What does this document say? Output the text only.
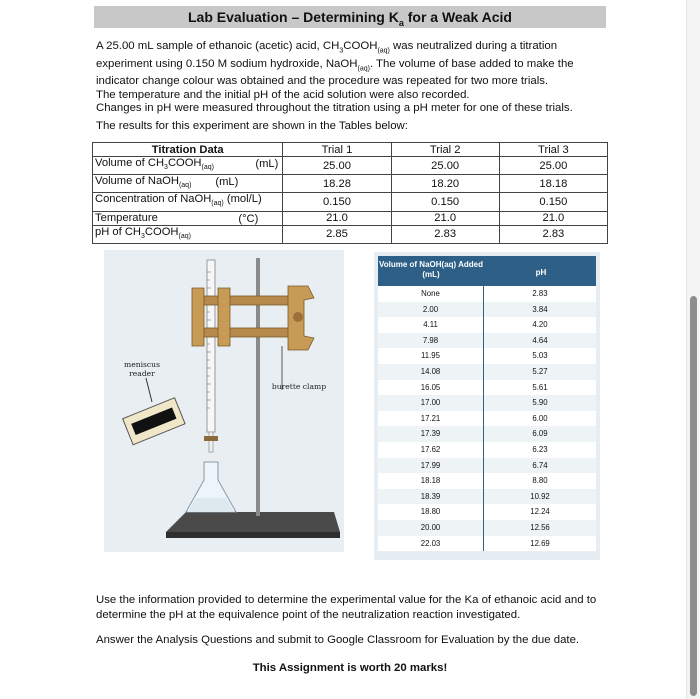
Lab Evaluation – Determining $K_a$ for a Weak Acid

A 25.00 mL sample of ethanoic (acetic) acid, $CH_3COOH_{(aq)}$ was neutralized during a titration

experiment using 0.150 M sodium hydroxide, NaOH$_{(aq)}$. The volume of base added to make the

indicator change colour was obtained and the procedure was repeated for two more trials.

The temperature and the initial pH of the acid solution were also recorded.

Changes in pH were measured throughout the titration using a pH meter for one of these trials.

The results for this experiment are shown in the Tables below:
Titration Data	Trial 1	Trial 2	Trial 3
Volume of $CH_3COOH_{(aq)}$ (mL)	25.00	25.00	25.00
Volume of NaOH$_{(aq)}$ (mL)	18.28	18.20	18.18
Concentration of NaOH$_{(aq)}$ (mol/L)	0.150	0.150	0.150
Temperature (°C)	21.0	21.0	21.0
pH of $CH_3COOH_{(aq)}$	2.85	2.83	2.83
meniscus reader
burette clamp
Volume of NaOH(aq) Added (mL)	pH
None	2.83
2.00	3.84
4.11	4.20
7.98	4.64
11.95	5.03
14.08	5.27
16.05	5.61
17.00	5.90
17.21	6.00
17.39	6.09
17.62	6.23
17.99	6.74
18.18	8.80
18.39	10.92
18.80	12.24
20.00	12.56
22.03	12.69
Use the information provided to determine the experimental value for the Ka of ethanoic acid and to determine the pH at the equivalence point of the neutralization reaction investigated.
Answer the Analysis Questions and submit to Google Classroom for Evaluation by the due date.
This Assignment is worth 20 marks!
